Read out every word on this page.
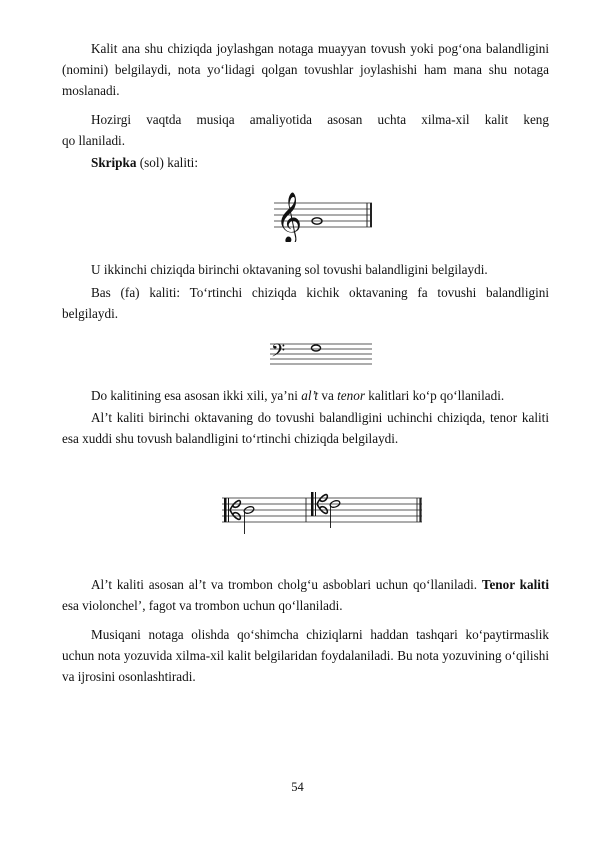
Kalit ana shu chiziqda joylashgan notaga muayyan tovush yoki pog‘ona balandligini (nomini) belgilaydi, nota yo‘lidagi qolgan tovushlar joylashishi ham mana shu notaga moslanadi.

Hozirgi vaqtda musiqa amaliyotida asosan uchta xilma-xil kalit keng

qo llaniladi.

Skripka (sol) kaliti:

𝄞

U ikkinchi chiziqda birinchi oktavaning sol tovushi balandligini belgilaydi.

Bas (fa) kaliti: To‘rtinchi chiziqda kichik oktavaning fa tovushi balandligini belgilaydi.

𝄢

Do kalitining esa asosan ikki xili, ya’ni al’t va tenor kalitlari ko‘p qo‘llaniladi.

Al’t kaliti birinchi oktavaning do tovushi balandligini uchinchi chiziqda, tenor kaliti esa xuddi shu tovush balandligini to‘rtinchi chiziqda belgilaydi.

Al’t kaliti asosan al’t va trombon cholg‘u asboblari uchun qo‘llaniladi. Tenor kaliti esa violonchel’, fagot va trombon uchun qo‘llaniladi.

Musiqani notaga olishda qo‘shimcha chiziqlarni haddan tashqari ko‘paytirmaslik uchun nota yozuvida xilma-xil kalit belgilaridan foydalaniladi. Bu nota yozuvining o‘qilishi va ijrosini osonlashtiradi.

54
